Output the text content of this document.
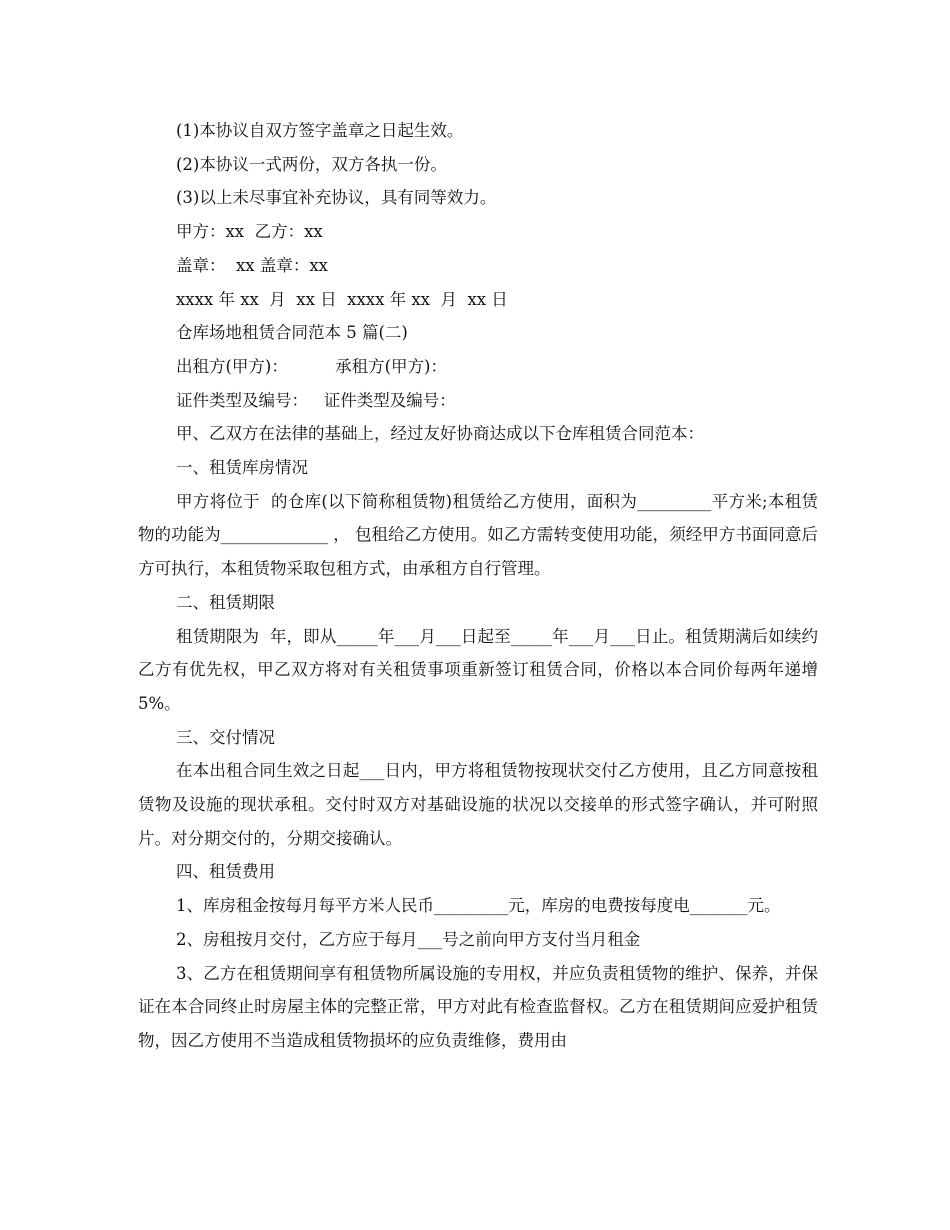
(1)本协议自双方签字盖章之日起生效。
(2)本协议一式两份，双方各执一份。
(3)以上未尽事宜补充协议，具有同等效力。
甲方：xx  乙方：xx
盖章：  xx 盖章：xx
xxxx 年 xx  月  xx 日  xxxx 年 xx  月  xx 日
仓库场地租赁合同范本 5 篇(二)
出租方(甲方)：         承租方(甲方)：
证件类型及编号：   证件类型及编号：
甲、乙双方在法律的基础上，经过友好协商达成以下仓库租赁合同范本：
一、租赁库房情况

甲方将位于  的仓库(以下简称租赁物)租赁给乙方使用，面积为_________平方米;本租赁物的功能为_____________ ， 包租给乙方使用。如乙方需转变使用功能，须经甲方书面同意后方可执行，本租赁物采取包租方式，由承租方自行管理。

二、租赁期限

租赁期限为  年，即从_____年___月___日起至_____年___月___日止。租赁期满后如续约乙方有优先权，甲乙双方将对有关租赁事项重新签订租赁合同，价格以本合同价每两年递增 5%。

三、交付情况

在本出租合同生效之日起___日内，甲方将租赁物按现状交付乙方使用，且乙方同意按租赁物及设施的现状承租。交付时双方对基础设施的状况以交接单的形式签字确认，并可附照片。对分期交付的，分期交接确认。

四、租赁费用

1、库房租金按每月每平方米人民币_________元，库房的电费按每度电_______元。

2、房租按月交付，乙方应于每月___号之前向甲方支付当月租金

3、乙方在租赁期间享有租赁物所属设施的专用权，并应负责租赁物的维护、保养，并保证在本合同终止时房屋主体的完整正常，甲方对此有检查监督权。乙方在租赁期间应爱护租赁物，因乙方使用不当造成租赁物损坏的应负责维修，费用由
